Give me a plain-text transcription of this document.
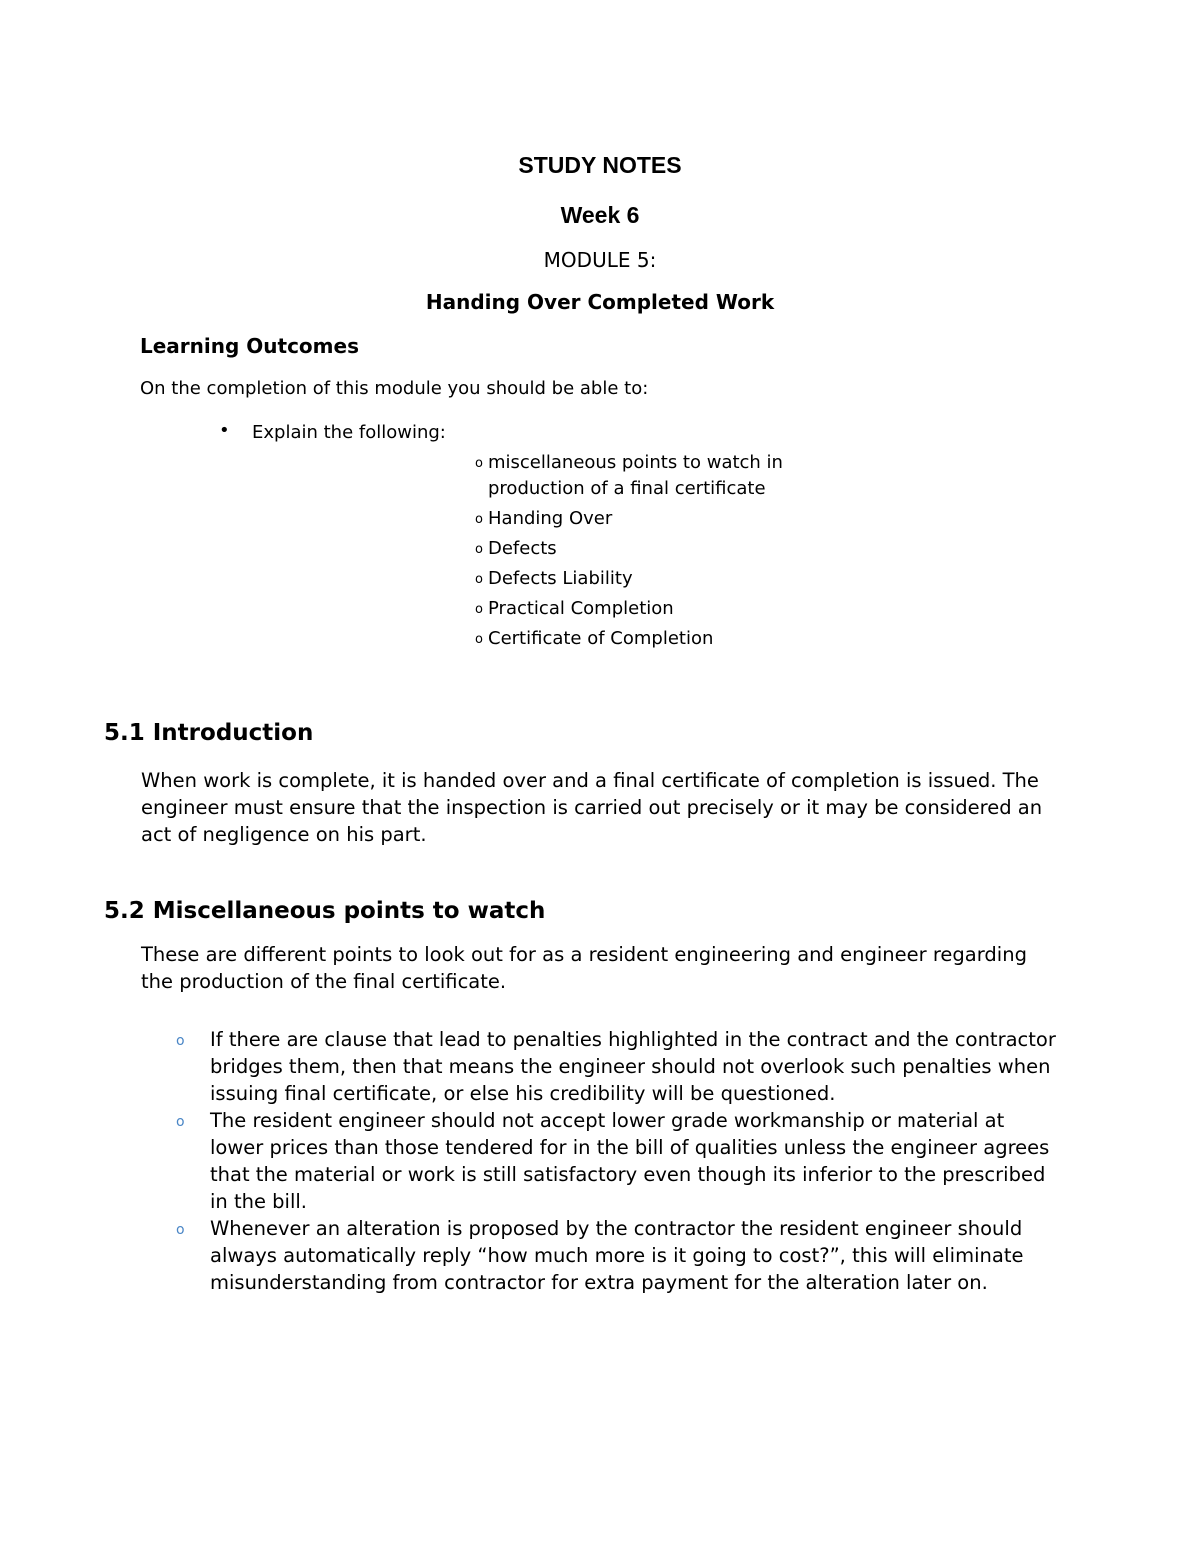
STUDY NOTES
Week 6
MODULE 5:
Handing Over Completed Work
Learning Outcomes
On the completion of this module you should be able to:
• Explain the following:
o miscellaneous points to watch in production of a final certificate
o Handing Over
o Defects
o Defects Liability
o Practical Completion
o Certificate of Completion
5.1 Introduction
When work is complete, it is handed over and a final certificate of completion is issued. The engineer must ensure that the inspection is carried out precisely or it may be considered an act of negligence on his part.
5.2 Miscellaneous points to watch
These are different points to look out for as a resident engineering and engineer regarding the production of the final certificate.
o If there are clause that lead to penalties highlighted in the contract and the contractor bridges them, then that means the engineer should not overlook such penalties when issuing final certificate, or else his credibility will be questioned.
o The resident engineer should not accept lower grade workmanship or material at lower prices than those tendered for in the bill of qualities unless the engineer agrees that the material or work is still satisfactory even though its inferior to the prescribed in the bill.
o Whenever an alteration is proposed by the contractor the resident engineer should always automatically reply “how much more is it going to cost?”, this will eliminate misunderstanding from contractor for extra payment for the alteration later on.
